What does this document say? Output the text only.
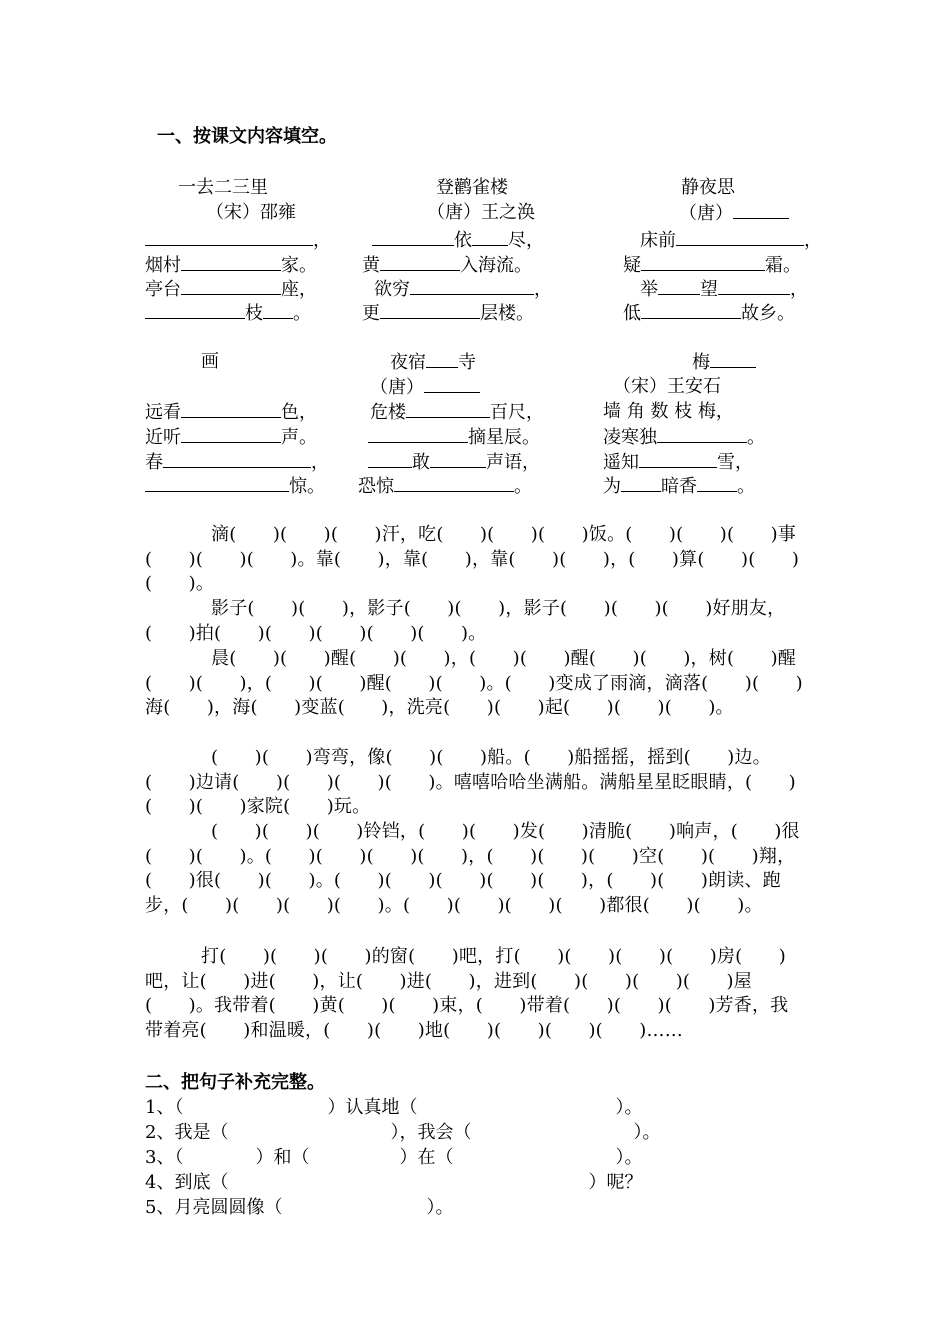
一、按课文内容填空。
一去二三里
（宋）邵雍
，
烟村	家。
亭台	座，
枝 。
登鹳雀楼
（唐）王之涣
依 尽，
黄	入海流。
欲穷	，
更	层楼。
静夜思
（唐）
床前	，
疑	霜。
举 望	，
低	故乡。
画
远看	色，
近听	声。
春	，
惊。
夜宿 寺
（唐）
危楼	百尺，
摘星辰。
敢	声语，
恐惊	。
梅
（宋）王安石
墙 角 数 枝 梅，
凌寒独	。
遥知	雪，
为 暗香 。
滴(　　)(　　)(　　)汗，吃(　　)(　　)(　　)饭。(　　)(　　)(　　)事(　　)(　　)(　　)。靠(　　)，靠(　　)，靠(　　)(　　)，(　　)算(　　)(　　)(　　)。
影子(　　)(　　)，影子(　　)(　　)，影子(　　)(　　)(　　)好朋友，(　　)拍(　　)(　　)(　　)(　　)(　　)。
晨(　　)(　　)醒(　　)(　　)，(　　)(　　)醒(　　)(　　)，树(　　)醒(　　)(　　)，(　　)(　　)醒(　　)(　　)。(　　)变成了雨滴，滴落(　　)(　　)海(　　)，海(　　)变蓝(　　)，洗亮(　　)(　　)起(　　)(　　)(　　)。
(　　)(　　)弯弯，像(　　)(　　)船。(　　)船摇摇，摇到(　　)边。(　　)边请(　　)(　　)(　　)(　　)。嘻嘻哈哈坐满船。满船星星眨眼睛，(　　)(　　)(　　)家院(　　)玩。
(　　)(　　)(　　)铃铛，(　　)(　　)发(　　)清脆(　　)响声，(　　)很(　　)(　　)。(　　)(　　)(　　)(　　)，(　　)(　　)(　　)空(　　)(　　)翔，(　　)很(　　)(　　)。(　　)(　　)(　　)(　　)(　　)，(　　)(　　)朗读、跑步，(　　)(　　)(　　)(　　)。(　　)(　　)(　　)(　　)都很(　　)(　　)。
打(　　)(　　)(　　)的窗(　　)吧，打(　　)(　　)(　　)(　　)房(　　)吧，让(　　)进(　　)，让(　　)进(　　)，进到(　　)(　　)(　　)(　　)屋(　　)。我带着(　　)黄(　　)(　　)束，(　　)带着(　　)(　　)(　　)芳香，我带着亮(　　)和温暖，(　　)(　　)地(　　)(　　)(　　)(　　)……
二、把句子补充完整。
1、（　　　　　　　　）认真地（　　　　　　　　　　　）。
2、我是（　　　　　　　　　），我会（　　　　　　　　　）。
3、（　　　　）和（　　　　　）在（　　　　　　　　　）。
4、到底（　　　　　　　　　　　　　　　　　　　　）呢？
5、月亮圆圆像（　　　　　　　　）。
